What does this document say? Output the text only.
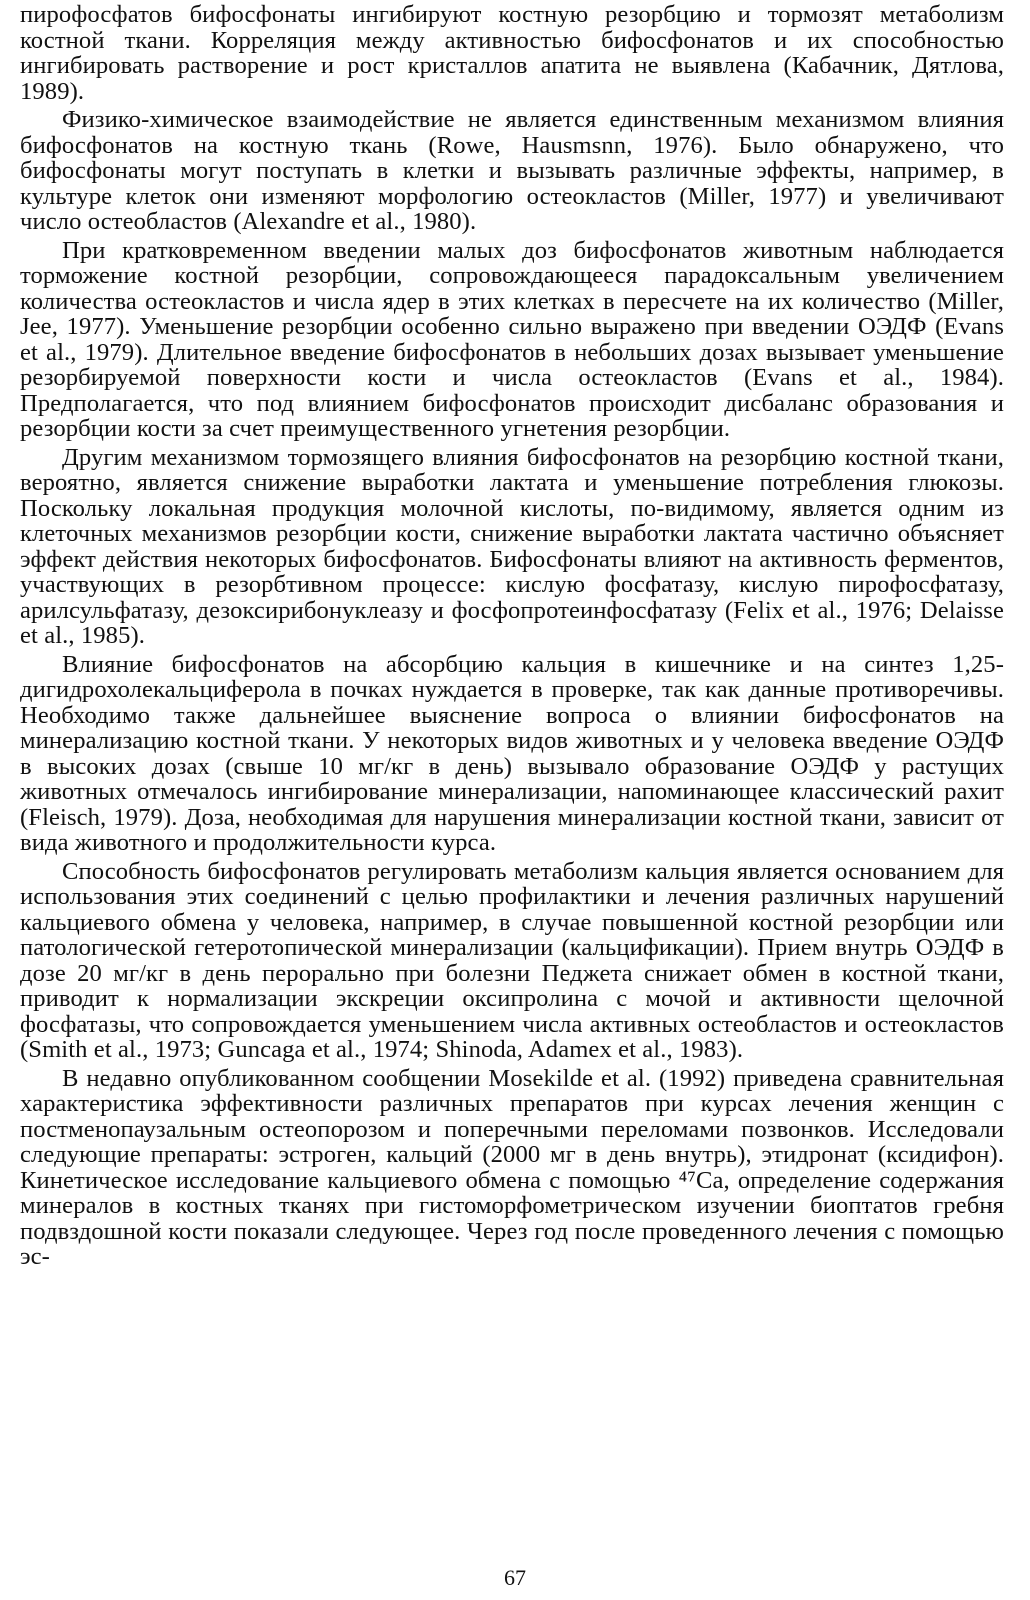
пирофосфатов бифосфонаты ингибируют костную резорбцию и тормозят метаболизм костной ткани. Корреляция между активностью бифосфонатов и их способностью ингибировать растворение и рост кристаллов апатита не выявлена (Кабачник, Дятлова, 1989).

Физико-химическое взаимодействие не является единственным механизмом влияния бифосфонатов на костную ткань (Rowe, Hausmsnn, 1976). Было обнаружено, что бифосфонаты могут поступать в клетки и вызывать различные эффекты, например, в культуре клеток они изменяют морфологию остеокластов (Miller, 1977) и увеличивают число остеобластов (Alexandre et al., 1980).

При кратковременном введении малых доз бифосфонатов животным наблюдается торможение костной резорбции, сопровождающееся парадоксальным увеличением количества остеокластов и числа ядер в этих клетках в пересчете на их количество (Miller, Jee, 1977). Уменьшение резорбции особенно сильно выражено при введении ОЭДФ (Evans et al., 1979). Длительное введение бифосфонатов в небольших дозах вызывает уменьшение резорбируемой поверхности кости и числа остеокластов (Evans et al., 1984). Предполагается, что под влиянием бифосфонатов происходит дисбаланс образования и резорбции кости за счет преимущественного угнетения резорбции.

Другим механизмом тормозящего влияния бифосфонатов на резорбцию костной ткани, вероятно, является снижение выработки лактата и уменьшение потребления глюкозы. Поскольку локальная продукция молочной кислоты, по-видимому, является одним из клеточных механизмов резорбции кости, снижение выработки лактата частично объясняет эффект действия некоторых бифосфонатов. Бифосфонаты влияют на активность ферментов, участвующих в резорбтивном процессе: кислую фосфатазу, кислую пирофосфатазу, арилсульфатазу, дезоксирибонуклеазу и фосфопротеинфосфатазу (Felix et al., 1976; Delaisse et al., 1985).

Влияние бифосфонатов на абсорбцию кальция в кишечнике и на синтез 1,25-дигидрохолекальциферола в почках нуждается в проверке, так как данные противоречивы. Необходимо также дальнейшее выяснение вопроса о влиянии бифосфонатов на минерализацию костной ткани. У некоторых видов животных и у человека введение ОЭДФ в высоких дозах (свыше 10 мг/кг в день) вызывало образование ОЭДФ у растущих животных отмечалось ингибирование минерализации, напоминающее классический рахит (Fleisch, 1979). Доза, необходимая для нарушения минерализации костной ткани, зависит от вида животного и продолжительности курса.

Способность бифосфонатов регулировать метаболизм кальция является основанием для использования этих соединений с целью профилактики и лечения различных нарушений кальциевого обмена у человека, например, в случае повышенной костной резорбции или патологической гетеротопической минерализации (кальцификации). Прием внутрь ОЭДФ в дозе 20 мг/кг в день перорально при болезни Педжета снижает обмен в костной ткани, приводит к нормализации экскреции оксипролина с мочой и активности щелочной фосфатазы, что сопровождается уменьшением числа активных остеобластов и остеокластов (Smith et al., 1973; Guncaga et al., 1974; Shinoda, Adamex et al., 1983).

В недавно опубликованном сообщении Mosekilde et al. (1992) приведена сравнительная характеристика эффективности различных препаратов при курсах лечения женщин с постменопаузальным остеопорозом и поперечными переломами позвонков. Исследовали следующие препараты: эстроген, кальций (2000 мг в день внутрь), этидронат (ксидифон). Кинетическое исследование кальциевого обмена с помощью ⁴⁷Ca, определение содержания минералов в костных тканях при гистоморфометрическом изучении биоптатов гребня подвздошной кости показали следующее. Через год после проведенного лечения с помощью эс-

67
